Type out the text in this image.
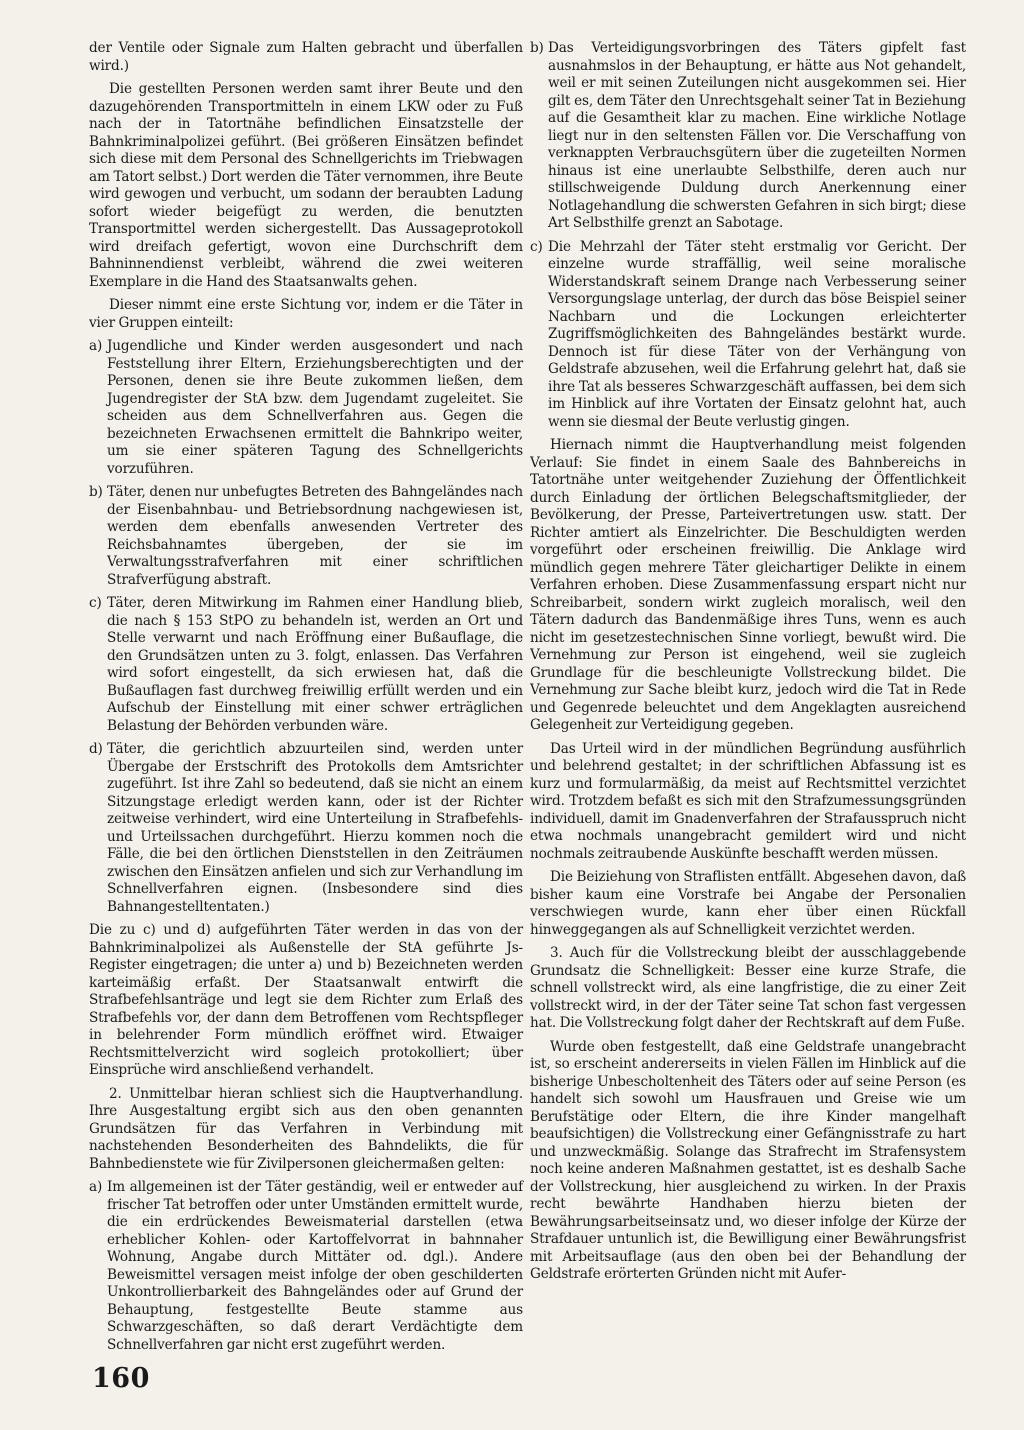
der Ventile oder Signale zum Halten gebracht und überfallen wird.)

Die gestellten Personen werden samt ihrer Beute und den dazugehörenden Transportmitteln in einem LKW oder zu Fuß nach der in Tatortnähe befindlichen Einsatzstelle der Bahnkriminalpolizei geführt. (Bei größeren Einsätzen befindet sich diese mit dem Personal des Schnellgerichts im Triebwagen am Tatort selbst.) Dort werden die Täter vernommen, ihre Beute wird gewogen und verbucht, um sodann der beraubten Ladung sofort wieder beigefügt zu werden, die benutzten Transportmittel werden sichergestellt. Das Aussageprotokoll wird dreifach gefertigt, wovon eine Durchschrift dem Bahninnendienst verbleibt, während die zwei weiteren Exemplare in die Hand des Staatsanwalts gehen.

Dieser nimmt eine erste Sichtung vor, indem er die Täter in vier Gruppen einteilt:

a) Jugendliche und Kinder werden ausgesondert und nach Feststellung ihrer Eltern, Erziehungsberechtigten und der Personen, denen sie ihre Beute zukommen ließen, dem Jugendregister der StA bzw. dem Jugendamt zugeleitet. Sie scheiden aus dem Schnellverfahren aus. Gegen die bezeichneten Erwachsenen ermittelt die Bahnkripo weiter, um sie einer späteren Tagung des Schnellgerichts vorzuführen.
b) Täter, denen nur unbefugtes Betreten des Bahngeländes nach der Eisenbahnbau- und Betriebsordnung nachgewiesen ist, werden dem ebenfalls anwesenden Vertreter des Reichsbahnamtes übergeben, der sie im Verwaltungsstrafverfahren mit einer schriftlichen Strafverfügung abstraft.
c) Täter, deren Mitwirkung im Rahmen einer Handlung blieb, die nach § 153 StPO zu behandeln ist, werden an Ort und Stelle verwarnt und nach Eröffnung einer Bußauflage, die den Grundsätzen unten zu 3. folgt, enlassen. Das Verfahren wird sofort eingestellt, da sich erwiesen hat, daß die Bußauflagen fast durchweg freiwillig erfüllt werden und ein Aufschub der Einstellung mit einer schwer erträglichen Belastung der Behörden verbunden wäre.
d) Täter, die gerichtlich abzuurteilen sind, werden unter Übergabe der Erstschrift des Protokolls dem Amtsrichter zugeführt. Ist ihre Zahl so bedeutend, daß sie nicht an einem Sitzungstage erledigt werden kann, oder ist der Richter zeitweise verhindert, wird eine Unterteilung in Strafbefehls- und Urteilssachen durchgeführt. Hierzu kommen noch die Fälle, die bei den örtlichen Dienststellen in den Zeiträumen zwischen den Einsätzen anfielen und sich zur Verhandlung im Schnellverfahren eignen. (Insbesondere sind dies Bahnangestelltentaten.)

Die zu c) und d) aufgeführten Täter werden in das von der Bahnkriminalpolizei als Außenstelle der StA geführte Js-Register eingetragen; die unter a) und b) Bezeichneten werden karteimäßig erfaßt. Der Staatsanwalt entwirft die Strafbefehlsanträge und legt sie dem Richter zum Erlaß des Strafbefehls vor, der dann dem Betroffenen vom Rechtspfleger in belehrender Form mündlich eröffnet wird. Etwaiger Rechtsmittelverzicht wird sogleich protokolliert; über Einsprüche wird anschließend verhandelt.

2. Unmittelbar hieran schliest sich die Hauptverhandlung. Ihre Ausgestaltung ergibt sich aus den oben genannten Grundsätzen für das Verfahren in Verbindung mit nachstehenden Besonderheiten des Bahndelikts, die für Bahnbedienstete wie für Zivilpersonen gleichermaßen gelten:

a) Im allgemeinen ist der Täter geständig, weil er entweder auf frischer Tat betroffen oder unter Umständen ermittelt wurde, die ein erdrückendes Beweismaterial darstellen (etwa erheblicher Kohlen- oder Kartoffelvorrat in bahnnaher Wohnung, Angabe durch Mittäter od. dgl.). Andere Beweismittel versagen meist infolge der oben geschilderten Unkontrollierbarkeit des Bahngeländes oder auf Grund der Behauptung, festgestellte Beute stamme aus Schwarzgeschäften, so daß derart Verdächtigte dem Schnellverfahren gar nicht erst zugeführt werden.
b) Das Verteidigungsvorbringen des Täters gipfelt fast ausnahmslos in der Behauptung, er hätte aus Not gehandelt, weil er mit seinen Zuteilungen nicht ausgekommen sei. Hier gilt es, dem Täter den Unrechtsgehalt seiner Tat in Beziehung auf die Gesamtheit klar zu machen. Eine wirkliche Notlage liegt nur in den seltensten Fällen vor. Die Verschaffung von verknappten Verbrauchsgütern über die zugeteilten Normen hinaus ist eine unerlaubte Selbsthilfe, deren auch nur stillschweigende Duldung durch Anerkennung einer Notlagehandlung die schwersten Gefahren in sich birgt; diese Art Selbsthilfe grenzt an Sabotage.
c) Die Mehrzahl der Täter steht erstmalig vor Gericht. Der einzelne wurde straffällig, weil seine moralische Widerstandskraft seinem Drange nach Verbesserung seiner Versorgungslage unterlag, der durch das böse Beispiel seiner Nachbarn und die Lockungen erleichterter Zugriffsmöglichkeiten des Bahngeländes bestärkt wurde. Dennoch ist für diese Täter von der Verhängung von Geldstrafe abzusehen, weil die Erfahrung gelehrt hat, daß sie ihre Tat als besseres Schwarzgeschäft auffassen, bei dem sich im Hinblick auf ihre Vortaten der Einsatz gelohnt hat, auch wenn sie diesmal der Beute verlustig gingen.

Hiernach nimmt die Hauptverhandlung meist folgenden Verlauf: Sie findet in einem Saale des Bahnbereichs in Tatortnähe unter weitgehender Zuziehung der Öffentlichkeit durch Einladung der örtlichen Belegschaftsmitglieder, der Bevölkerung, der Presse, Parteivertretungen usw. statt. Der Richter amtiert als Einzelrichter. Die Beschuldigten werden vorgeführt oder erscheinen freiwillig. Die Anklage wird mündlich gegen mehrere Täter gleichartiger Delikte in einem Verfahren erhoben. Diese Zusammenfassung erspart nicht nur Schreibarbeit, sondern wirkt zugleich moralisch, weil den Tätern dadurch das Bandenmäßige ihres Tuns, wenn es auch nicht im gesetzestechnischen Sinne vorliegt, bewußt wird. Die Vernehmung zur Person ist eingehend, weil sie zugleich Grundlage für die beschleunigte Vollstreckung bildet. Die Vernehmung zur Sache bleibt kurz, jedoch wird die Tat in Rede und Gegenrede beleuchtet und dem Angeklagten ausreichend Gelegenheit zur Verteidigung gegeben.

Das Urteil wird in der mündlichen Begründung ausführlich und belehrend gestaltet; in der schriftlichen Abfassung ist es kurz und formularmäßig, da meist auf Rechtsmittel verzichtet wird. Trotzdem befaßt es sich mit den Strafzumessungsgründen individuell, damit im Gnadenverfahren der Strafausspruch nicht etwa nochmals unangebracht gemildert wird und nicht nochmals zeitraubende Auskünfte beschafft werden müssen.

Die Beiziehung von Straflisten entfällt. Abgesehen davon, daß bisher kaum eine Vorstrafe bei Angabe der Personalien verschwiegen wurde, kann eher über einen Rückfall hinweggegangen als auf Schnelligkeit verzichtet werden.

3. Auch für die Vollstreckung bleibt der ausschlaggebende Grundsatz die Schnelligkeit: Besser eine kurze Strafe, die schnell vollstreckt wird, als eine langfristige, die zu einer Zeit vollstreckt wird, in der der Täter seine Tat schon fast vergessen hat. Die Vollstreckung folgt daher der Rechtskraft auf dem Fuße.

Wurde oben festgestellt, daß eine Geldstrafe unangebracht ist, so erscheint andererseits in vielen Fällen im Hinblick auf die bisherige Unbescholtenheit des Täters oder auf seine Person (es handelt sich sowohl um Hausfrauen und Greise wie um Berufstätige oder Eltern, die ihre Kinder mangelhaft beaufsichtigen) die Vollstreckung einer Gefängnisstrafe zu hart und unzweckmäßig. Solange das Strafrecht im Strafensystem noch keine anderen Maßnahmen gestattet, ist es deshalb Sache der Vollstreckung, hier ausgleichend zu wirken. In der Praxis recht bewährte Handhaben hierzu bieten der Bewährungsarbeitseinsatz und, wo dieser infolge der Kürze der Strafdauer untunlich ist, die Bewilligung einer Bewährungsfrist mit Arbeitsauflage (aus den oben bei der Behandlung der Geldstrafe erörterten Gründen nicht mit Aufer-

160
